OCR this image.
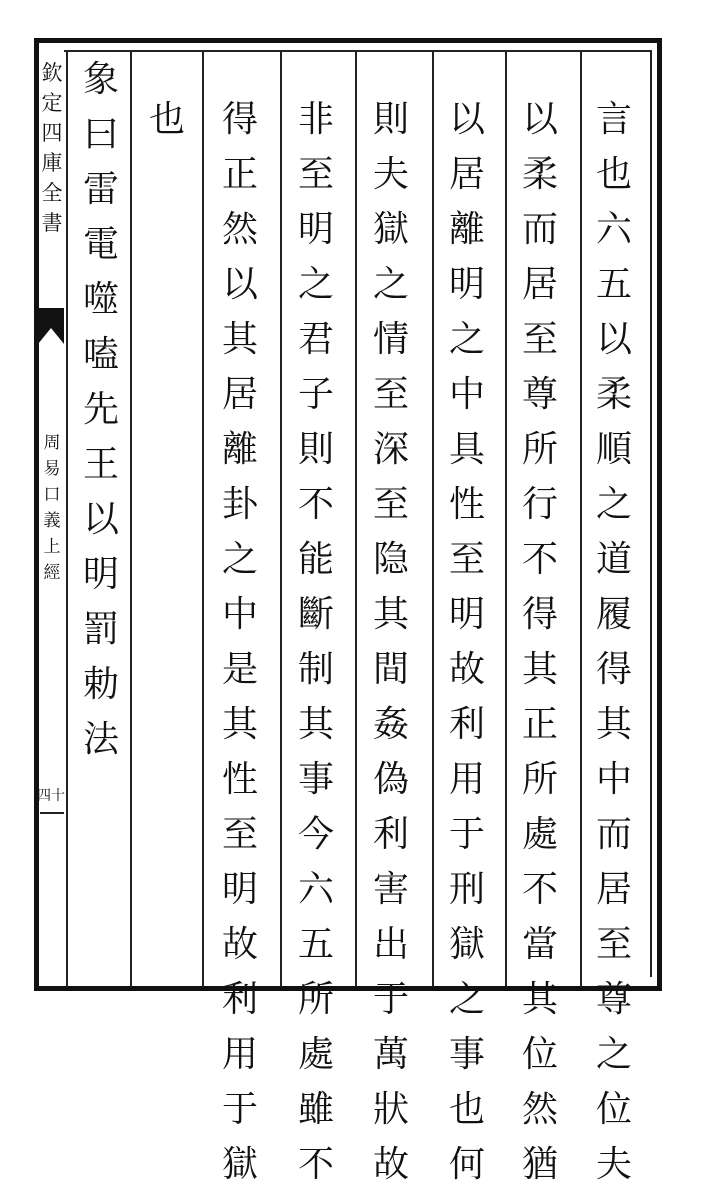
欽
定
四
庫
全
書
周
易
口
義
上
經
四十
言
也
六
五
以
柔
順
之
道
履
得
其
中
而
居
至
尊
之
位
夫
以
柔
而
居
至
尊
所
行
不
得
其
正
所
處
不
當
其
位
然
猶
以
居
離
明
之
中
具
性
至
明
故
利
用
于
刑
獄
之
事
也
何
則
夫
獄
之
情
至
深
至
隐
其
間
姦
偽
利
害
出
于
萬
狀
故
非
至
明
之
君
子
則
不
能
斷
制
其
事
今
六
五
所
處
雖
不
得
正
然
以
其
居
離
卦
之
中
是
其
性
至
明
故
利
用
于
獄
也
象
曰
雷
電
噬
嗑
先
王
以
明
罰
勅
法
